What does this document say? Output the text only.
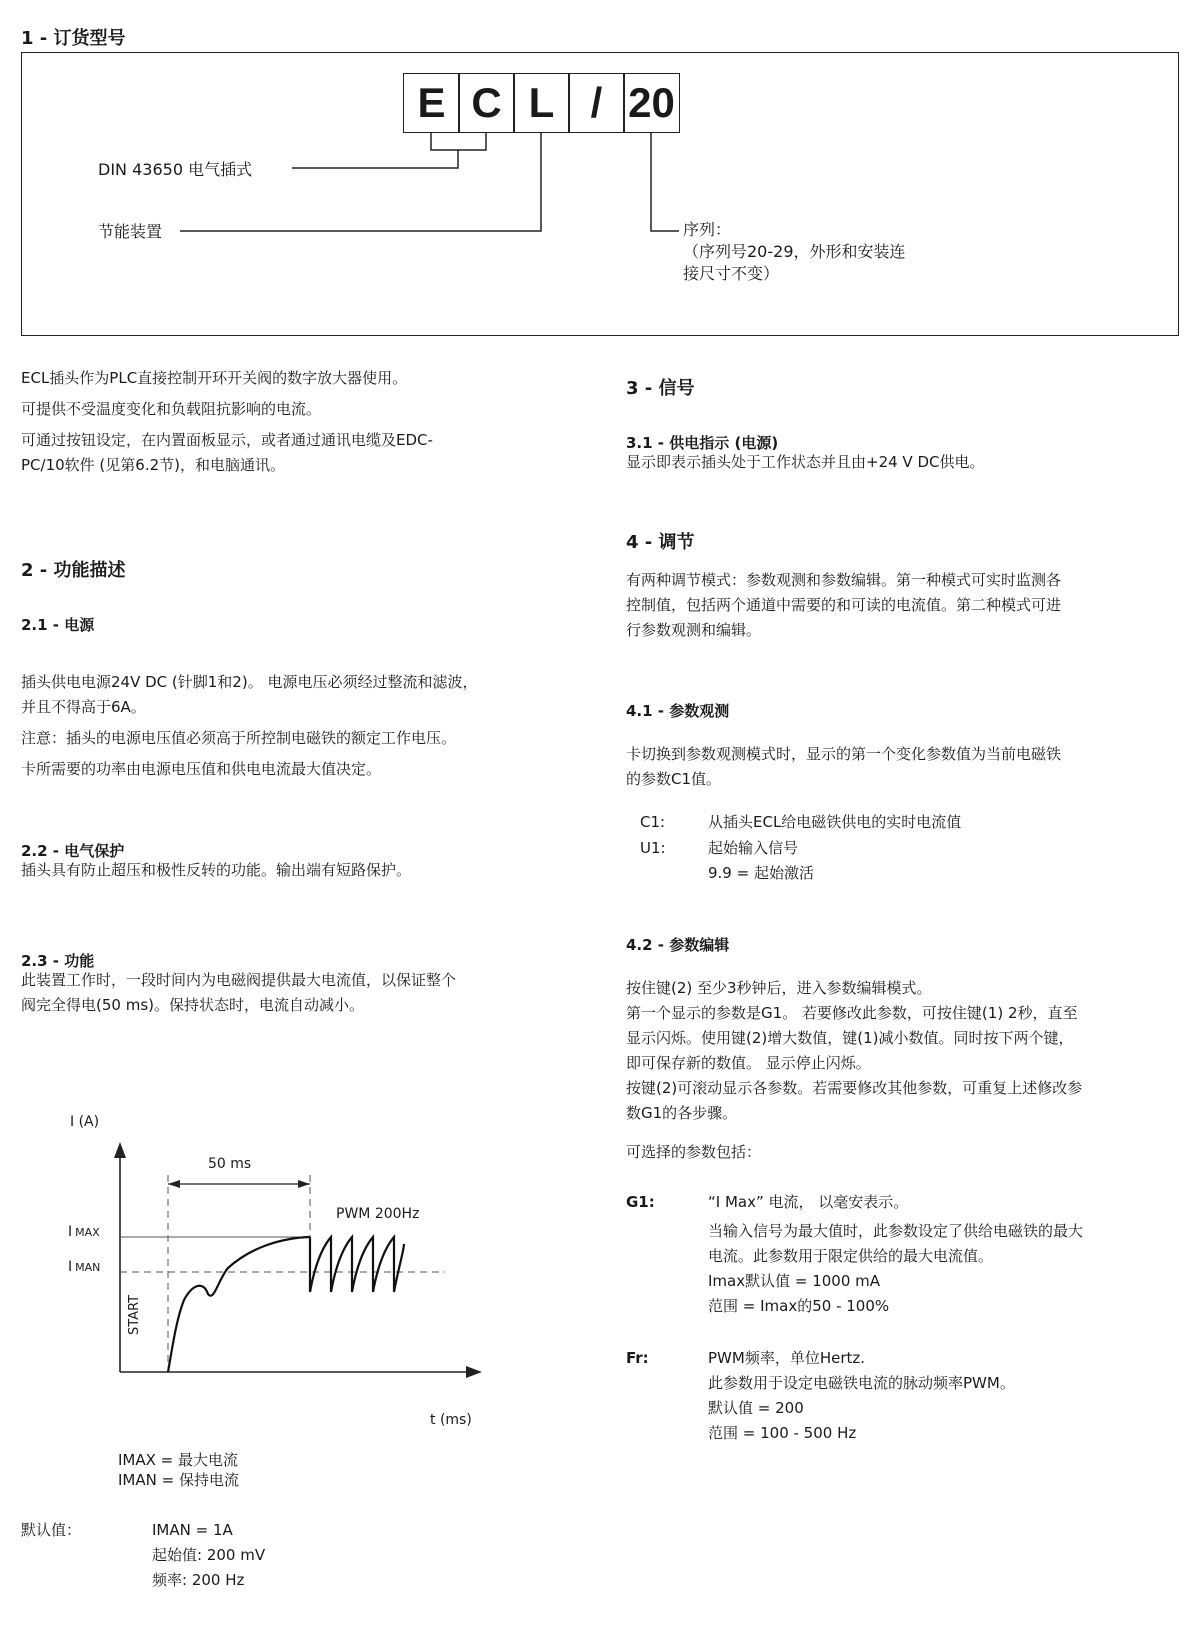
1 - 订货型号
E C L / 20
DIN 43650 电气插式
节能装置	序列：
（序列号20-29，外形和安装连
接尺寸不变）
ECL插头作为PLC直接控制开环开关阀的数字放大器使用。
可提供不受温度变化和负载阻抗影响的电流。
可通过按钮设定，在内置面板显示，或者通过通讯电缆及EDC-
PC/10软件 (见第6.2节)，和电脑通讯。
2 - 功能描述
2.1 - 电源
插头供电电源24V DC (针脚1和2)。 电源电压必须经过整流和滤波，
并且不得高于6A。
注意：插头的电源电压值必须高于所控制电磁铁的额定工作电压。
卡所需要的功率由电源电压值和供电电流最大值决定。
2.2 - 电气保护
插头具有防止超压和极性反转的功能。输出端有短路保护。
2.3 - 功能
此装置工作时，一段时间内为电磁阀提供最大电流值，以保证整个
阀完全得电(50 ms)。保持状态时，电流自动减小。
I (A)
50 ms
PWM 200Hz
I MAX
I MAN
START
t (ms)
IMAX = 最大电流
IMAN = 保持电流
默认值：	IMAN = 1A
起始值: 200 mV
频率: 200 Hz
3 - 信号
3.1 - 供电指示 (电源)
显示即表示插头处于工作状态并且由+24 V DC供电。
4 - 调节
有两种调节模式：参数观测和参数编辑。第一种模式可实时监测各
控制值，包括两个通道中需要的和可读的电流值。第二种模式可进
行参数观测和编辑。
4.1 - 参数观测
卡切换到参数观测模式时，显示的第一个变化参数值为当前电磁铁
的参数C1值。
C1:	从插头ECL给电磁铁供电的实时电流值
U1:	起始输入信号
9.9 = 起始激活
4.2 - 参数编辑
按住键(2) 至少3秒钟后，进入参数编辑模式。
第一个显示的参数是G1。 若要修改此参数，可按住键(1) 2秒，直至
显示闪烁。使用键(2)增大数值，键(1)减小数值。同时按下两个键，
即可保存新的数值。 显示停止闪烁。
按键(2)可滚动显示各参数。若需要修改其他参数，可重复上述修改参
数G1的各步骤。
可选择的参数包括：
G1:	“I Max” 电流， 以毫安表示。
当输入信号为最大值时，此参数设定了供给电磁铁的最大
电流。此参数用于限定供给的最大电流值。
Imax默认值 = 1000 mA
范围 = Imax的50 - 100%
Fr:	PWM频率，单位Hertz.
此参数用于设定电磁铁电流的脉动频率PWM。
默认值 = 200
范围 = 100 - 500 Hz
